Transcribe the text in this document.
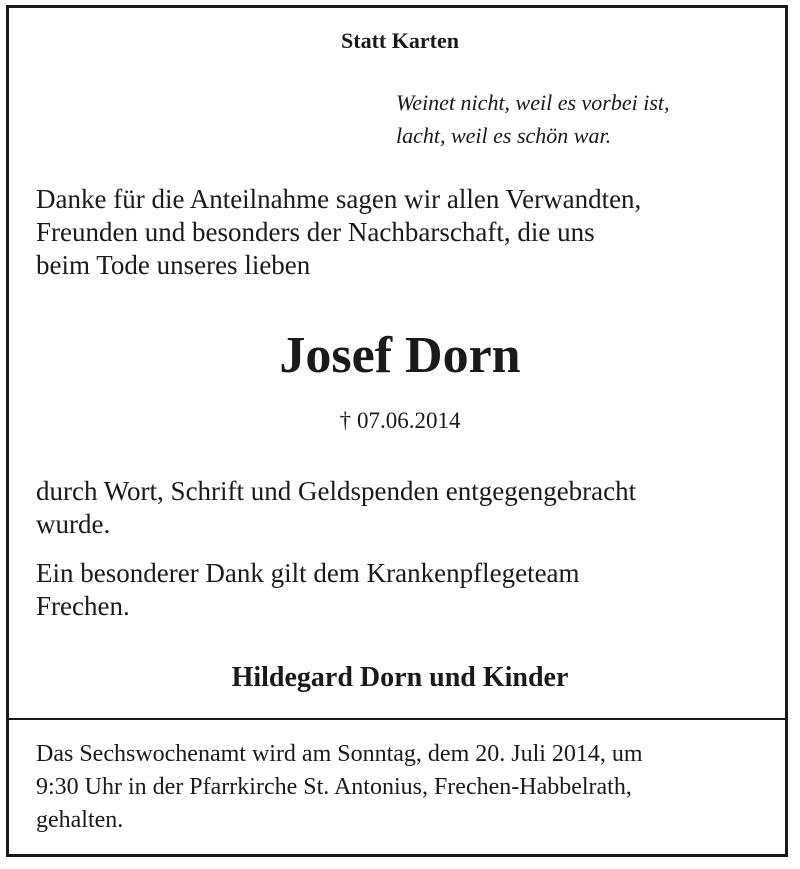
Statt Karten
Weinet nicht, weil es vorbei ist,
lacht, weil es schön war.
Danke für die Anteilnahme sagen wir allen Verwandten,
Freunden und besonders der Nachbarschaft, die uns
beim Tode unseres lieben
Josef Dorn
† 07.06.2014
durch Wort, Schrift und Geldspenden entgegengebracht
wurde.
Ein besonderer Dank gilt dem Krankenpflegeteam
Frechen.
Hildegard Dorn und Kinder
Das Sechswochenamt wird am Sonntag, dem 20. Juli 2014, um
9:30 Uhr in der Pfarrkirche St. Antonius, Frechen-Habbelrath,
gehalten.
